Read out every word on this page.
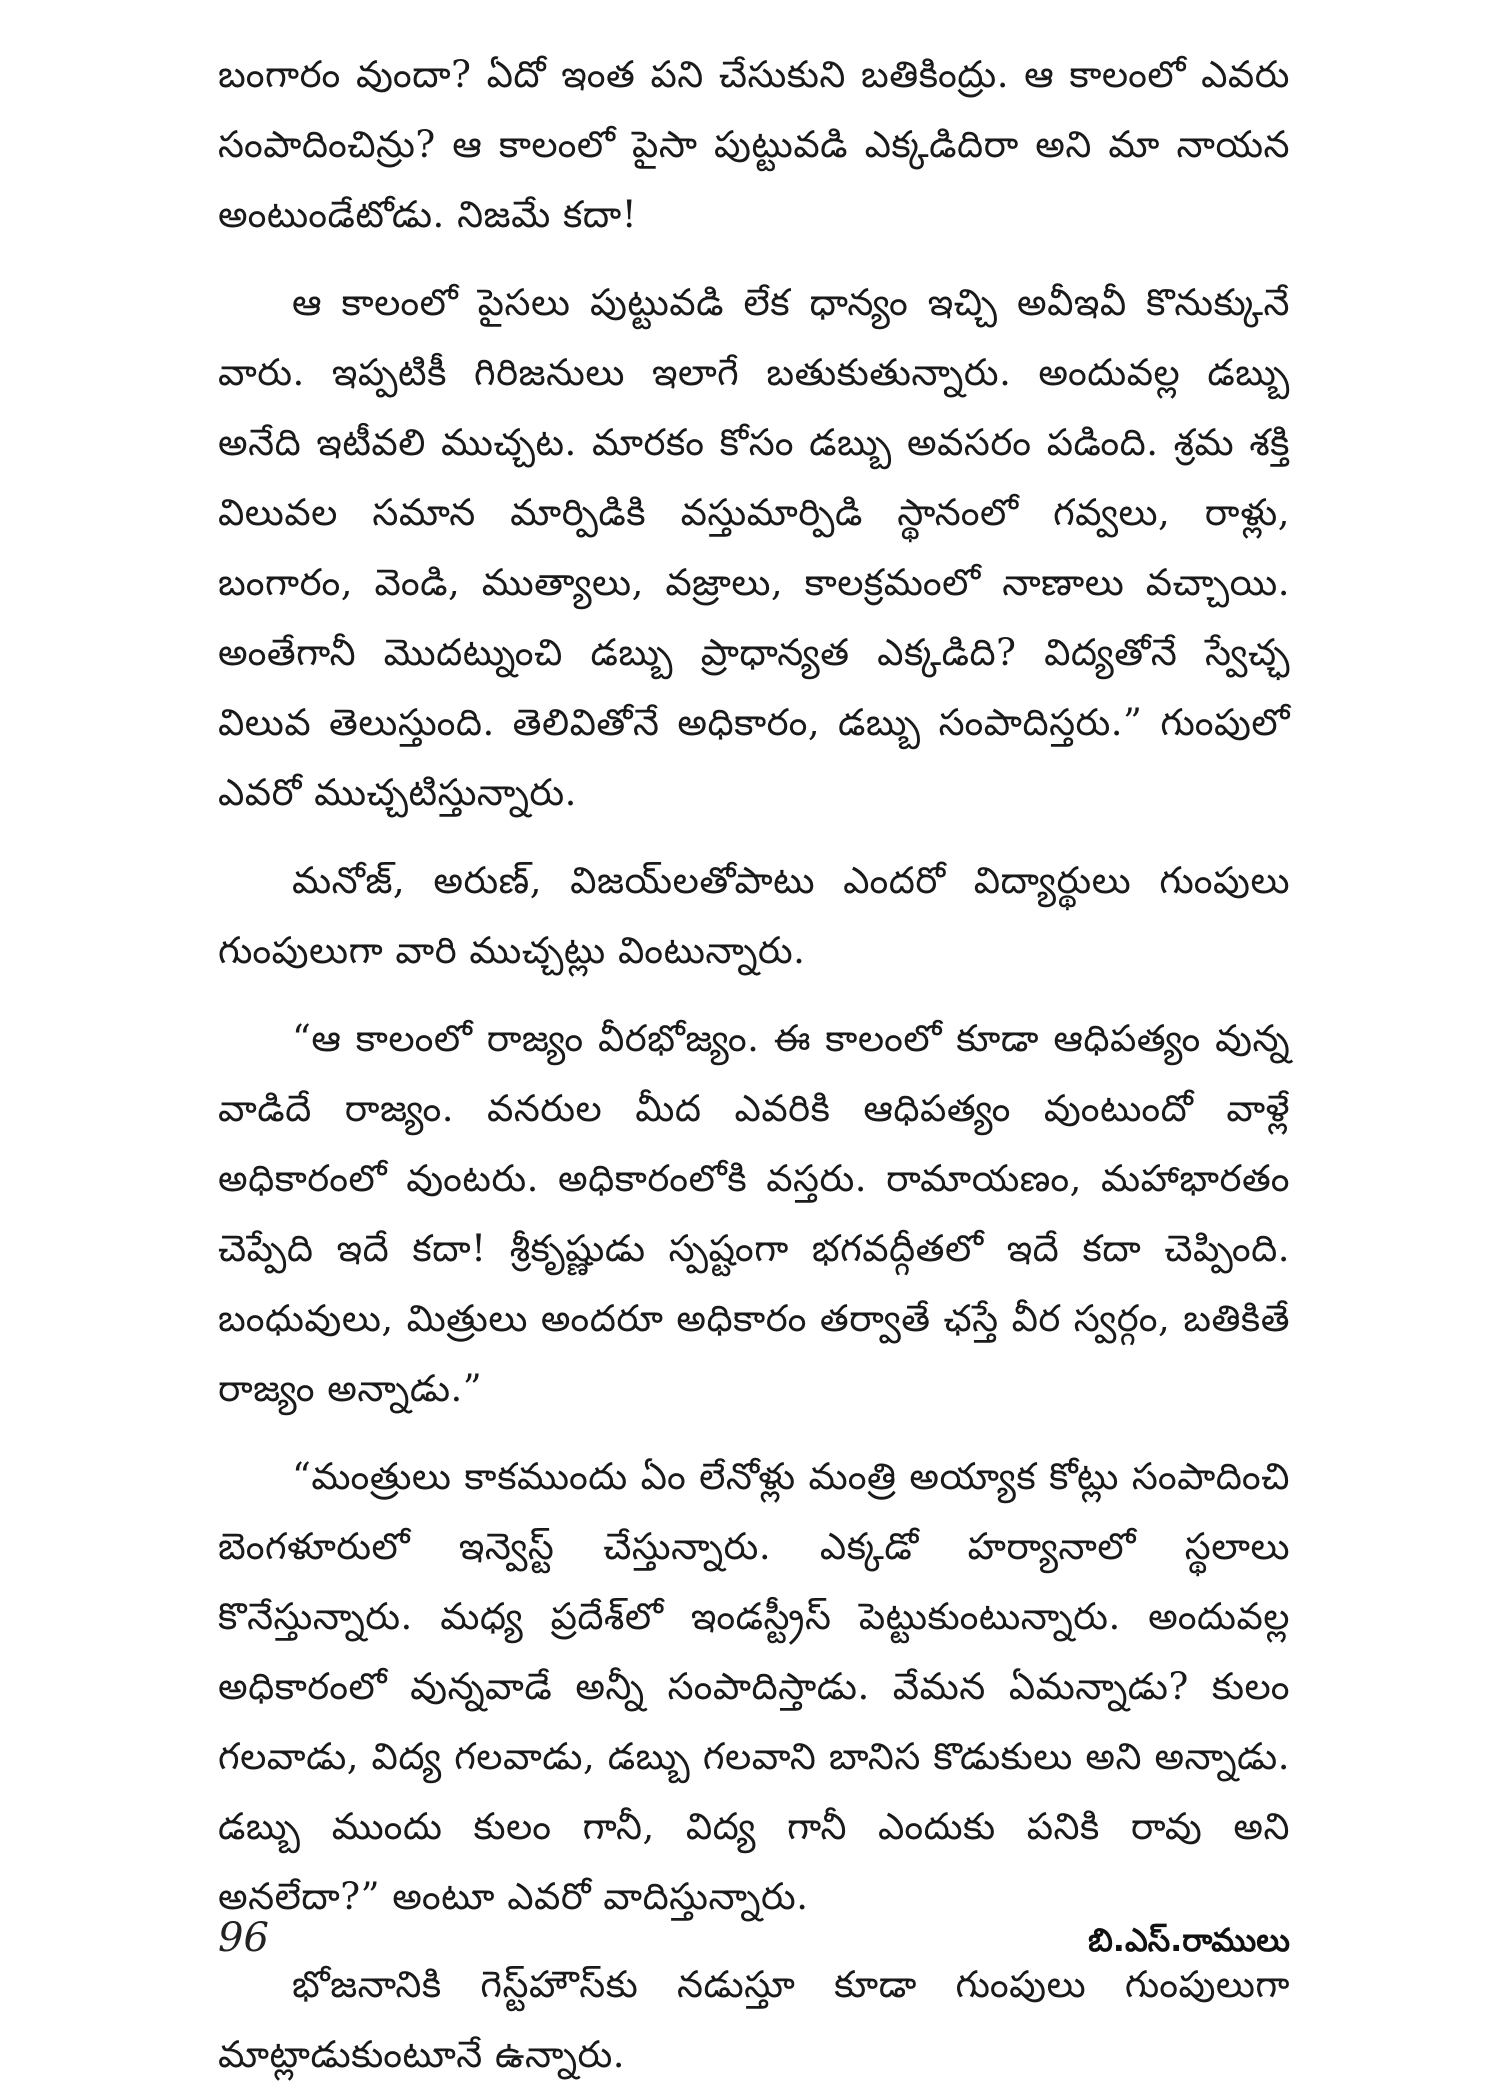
బంగారం వుందా? ఏదో ఇంత పని చేసుకుని బతికింద్రు. ఆ కాలంలో ఎవరు సంపాదించిన్రు? ఆ కాలంలో పైసా పుట్టువడి ఎక్కడిదిరా అని మా నాయన అంటుండేటోడు. నిజమే కదా!

ఆ కాలంలో పైసలు పుట్టువడి లేక ధాన్యం ఇచ్చి అవీఇవీ కొనుక్కునే వారు. ఇప్పటికీ గిరిజనులు ఇలాగే బతుకుతున్నారు. అందువల్ల డబ్బు అనేది ఇటీవలి ముచ్చట. మారకం కోసం డబ్బు అవసరం పడింది. శ్రమ శక్తి విలువల సమాన మార్పిడికి వస్తుమార్పిడి స్థానంలో గవ్వలు, రాళ్లు, బంగారం, వెండి, ముత్యాలు, వజ్రాలు, కాలక్రమంలో నాణాలు వచ్చాయి. అంతేగానీ మొదట్నుంచి డబ్బు ప్రాధాన్యత ఎక్కడిది? విద్యతోనే స్వేచ్ఛ విలువ తెలుస్తుంది. తెలివితోనే అధికారం, డబ్బు సంపాదిస్తరు.” గుంపులో ఎవరో ముచ్చటిస్తున్నారు.

మనోజ్, అరుణ్, విజయ్‌లతోపాటు ఎందరో విద్యార్థులు గుంపులు గుంపులుగా వారి ముచ్చట్లు వింటున్నారు.

“ఆ కాలంలో రాజ్యం వీరభోజ్యం. ఈ కాలంలో కూడా ఆధిపత్యం వున్న వాడిదే రాజ్యం. వనరుల మీద ఎవరికి ఆధిపత్యం వుంటుందో వాళ్లే అధికారంలో వుంటరు. అధికారంలోకి వస్తరు. రామాయణం, మహాభారతం చెప్పేది ఇదే కదా! శ్రీకృష్ణుడు స్పష్టంగా భగవద్గీతలో ఇదే కదా చెప్పింది. బంధువులు, మిత్రులు అందరూ అధికారం తర్వాతే ఛస్తే వీర స్వర్గం, బతికితే రాజ్యం అన్నాడు.”

“మంత్రులు కాకముందు ఏం లేనోళ్లు మంత్రి అయ్యాక కోట్లు సంపాదించి బెంగళూరులో ఇన్వెస్ట్ చేస్తున్నారు. ఎక్కడో హర్యానాలో స్థలాలు కొనేస్తున్నారు. మధ్య ప్రదేశ్‌లో ఇండస్ట్రీస్ పెట్టుకుంటున్నారు. అందువల్ల అధికారంలో వున్నవాడే అన్నీ సంపాదిస్తాడు. వేమన ఏమన్నాడు? కులం గలవాడు, విద్య గలవాడు, డబ్బు గలవాని బానిస కొడుకులు అని అన్నాడు. డబ్బు ముందు కులం గానీ, విద్య గానీ ఎందుకు పనికి రావు అని అనలేదా?” అంటూ ఎవరో వాదిస్తున్నారు.

భోజనానికి గెస్ట్‌హౌస్‌కు నడుస్తూ కూడా గుంపులు గుంపులుగా మాట్లాడుకుంటూనే ఉన్నారు.

96	బి.ఎస్.రాములు
